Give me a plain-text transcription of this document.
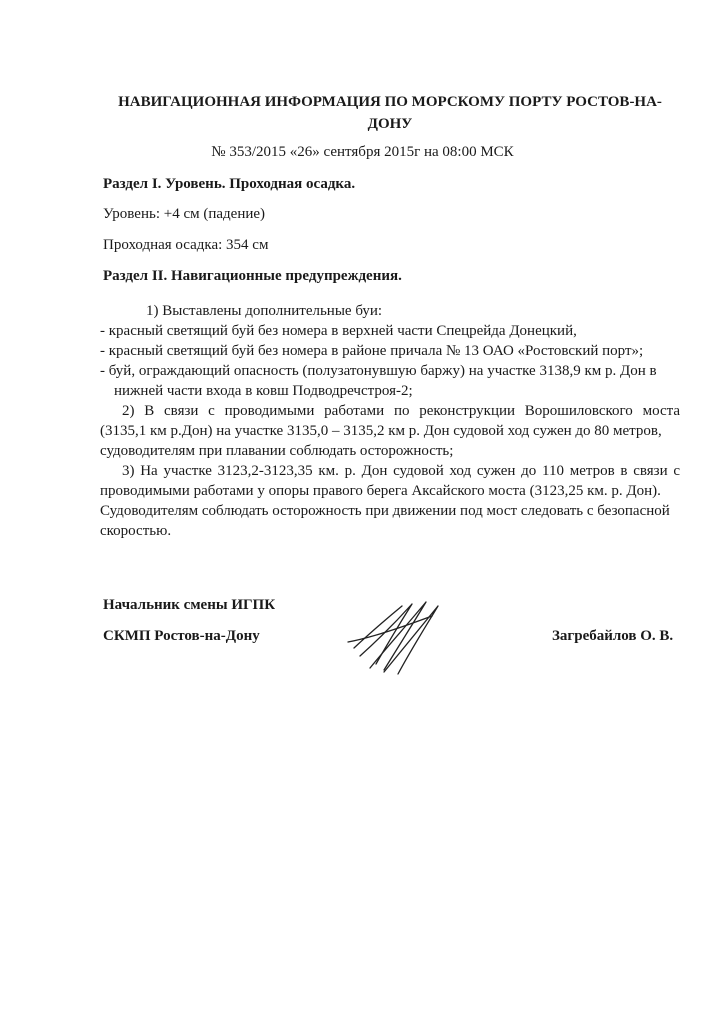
НАВИГАЦИОННАЯ ИНФОРМАЦИЯ ПО МОРСКОМУ ПОРТУ РОСТОВ-НА-ДОНУ
№ 353/2015 «26» сентября 2015г на 08:00 МСК
Раздел I. Уровень. Проходная осадка.
Уровень: +4 см (падение)
Проходная осадка: 354 см
Раздел II. Навигационные предупреждения.
1) Выставлены дополнительные буи:
- красный светящий буй без номера в верхней части Спецрейда Донецкий,
- красный светящий буй без номера в районе причала № 13 ОАО «Ростовский порт»;
- буй, ограждающий опасность (полузатонувшую баржу) на участке 3138,9 км р. Дон в
нижней части входа в ковш Подводречстроя-2;
2) В связи с проводимыми работами по реконструкции Ворошиловского моста
(3135,1 км р.Дон) на участке 3135,0 – 3135,2 км р. Дон судовой ход сужен до 80 метров,
судоводителям при плавании соблюдать осторожность;
3) На участке 3123,2-3123,35 км. р. Дон судовой ход сужен до 110 метров в связи с
проводимыми работами у опоры правого берега Аксайского моста (3123,25 км. р. Дон).
Судоводителям соблюдать осторожность при движении под мост следовать с безопасной
скоростью.
Начальник смены ИГПК
СКМП Ростов-на-Дону	Загребайлов О. В.
